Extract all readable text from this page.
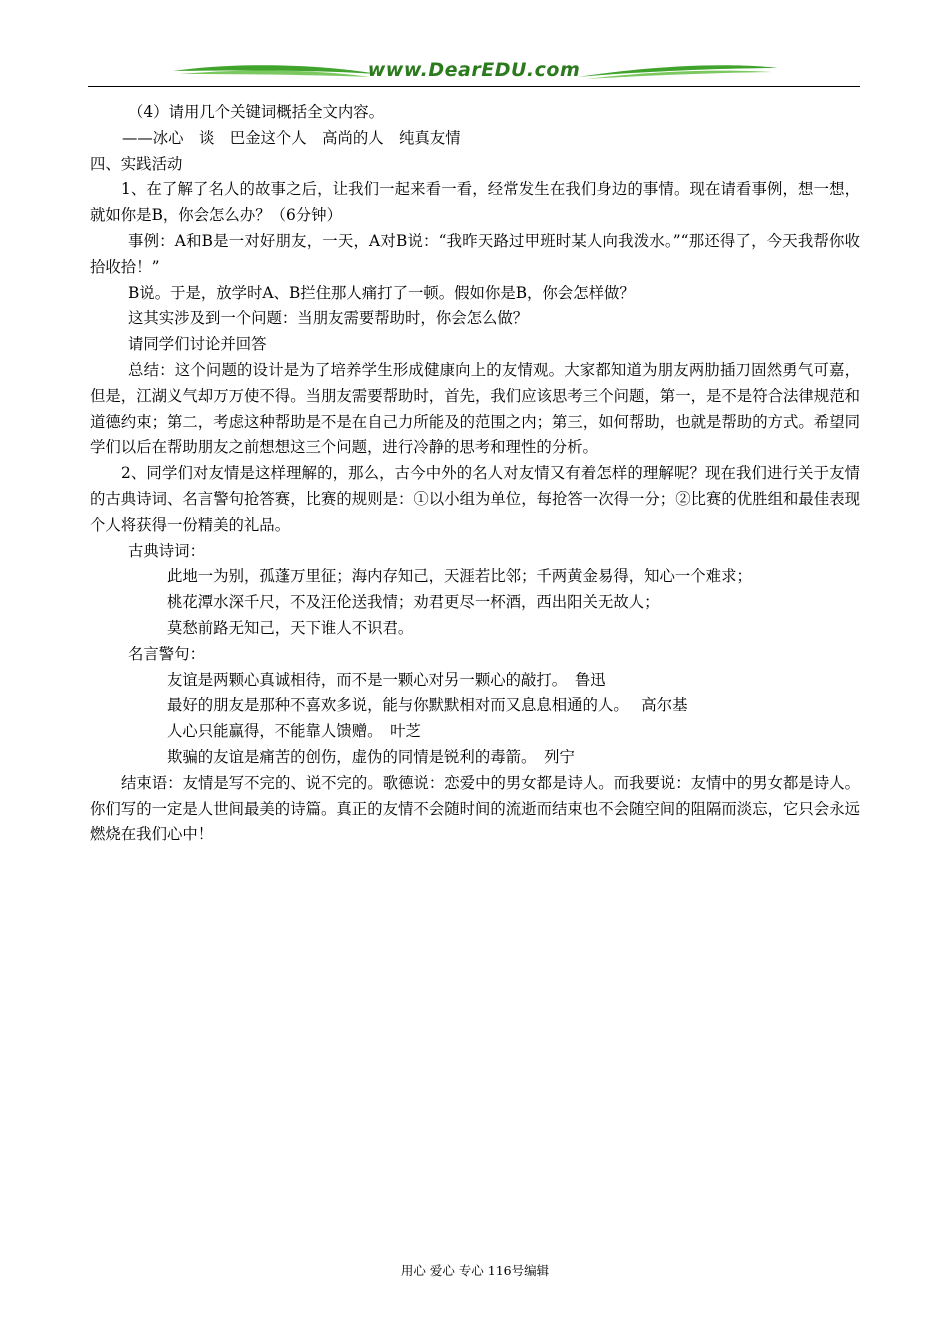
www.DearEDU.com

（4）请用几个关键词概括全文内容。

——冰心　谈　巴金这个人　高尚的人　纯真友情

四、实践活动

1、在了解了名人的故事之后，让我们一起来看一看，经常发生在我们身边的事情。现在请看事例，想一想，就如你是B，你会怎么办？（6分钟）

事例：A和B是一对好朋友，一天，A对B说：“我昨天路过甲班时某人向我泼水。”“那还得了，今天我帮你收拾收拾！”

B说。于是，放学时A、B拦住那人痛打了一顿。假如你是B，你会怎样做？

这其实涉及到一个问题：当朋友需要帮助时，你会怎么做？

请同学们讨论并回答

总结：这个问题的设计是为了培养学生形成健康向上的友情观。大家都知道为朋友两肋插刀固然勇气可嘉，但是，江湖义气却万万使不得。当朋友需要帮助时，首先，我们应该思考三个问题，第一，是不是符合法律规范和道德约束；第二，考虑这种帮助是不是在自己力所能及的范围之内；第三，如何帮助，也就是帮助的方式。希望同学们以后在帮助朋友之前想想这三个问题，进行冷静的思考和理性的分析。

2、同学们对友情是这样理解的，那么，古今中外的名人对友情又有着怎样的理解呢？现在我们进行关于友情的古典诗词、名言警句抢答赛，比赛的规则是：①以小组为单位，每抢答一次得一分；②比赛的优胜组和最佳表现个人将获得一份精美的礼品。

古典诗词：

此地一为别，孤蓬万里征；海内存知己，天涯若比邻；千两黄金易得，知心一个难求；

桃花潭水深千尺，不及汪伦送我情；劝君更尽一杯酒，西出阳关无故人；

莫愁前路无知己，天下谁人不识君。

名言警句：

友谊是两颗心真诚相待，而不是一颗心对另一颗心的敲打。　鲁迅

最好的朋友是那种不喜欢多说，能与你默默相对而又息息相通的人。　 高尔基

人心只能赢得，不能靠人馈赠。　叶芝

欺骗的友谊是痛苦的创伤，虚伪的同情是锐利的毒箭。　列宁

结束语：友情是写不完的、说不完的。歌德说：恋爱中的男女都是诗人。而我要说：友情中的男女都是诗人。你们写的一定是人世间最美的诗篇。真正的友情不会随时间的流逝而结束也不会随空间的阻隔而淡忘，它只会永远燃烧在我们心中！

用心 爱心 专心 116号编辑
